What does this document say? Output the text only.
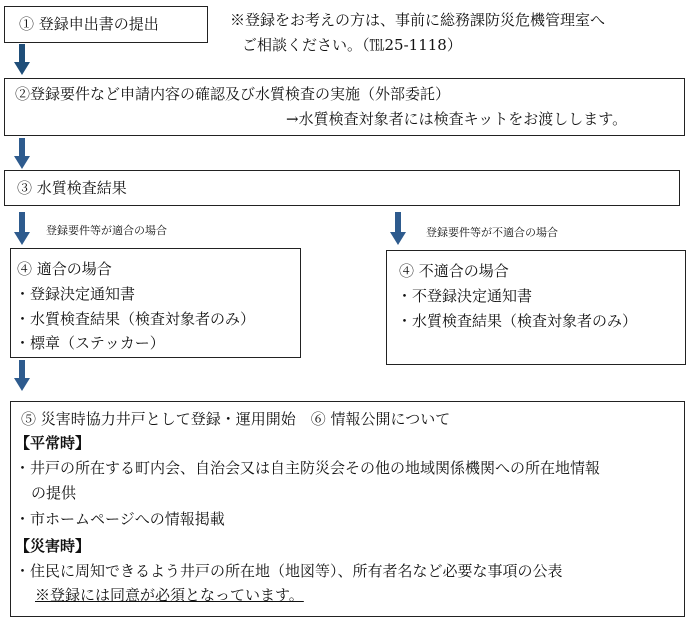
① 登録申出書の提出	※登録をお考えの方は、事前に総務課防災危機管理室へ
ご相談ください。（℡25-1118）
②登録要件など申請内容の確認及び水質検査の実施（外部委託）
→水質検査対象者には検査キットをお渡しします。
③ 水質検査結果
登録要件等が適合の場合	登録要件等が不適合の場合
④ 適合の場合
・登録決定通知書
・水質検査結果（検査対象者のみ）
・標章（ステッカー）
④ 不適合の場合
・不登録決定通知書
・水質検査結果（検査対象者のみ）
⑤ 災害時協力井戸として登録・運用開始　⑥ 情報公開について
【平常時】
・井戸の所在する町内会、自治会又は自主防災会その他の地域関係機関への所在地情報
の提供
・市ホームページへの情報掲載
【災害時】
・住民に周知できるよう井戸の所在地（地図等）、所有者名など必要な事項の公表
※登録には同意が必須となっています。
